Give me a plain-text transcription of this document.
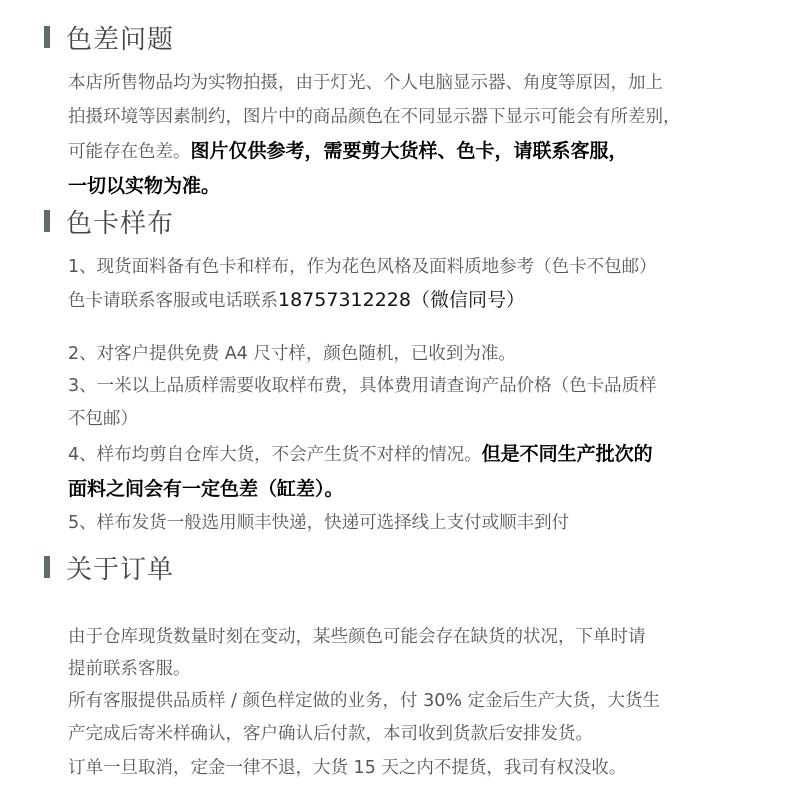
色差问题
本店所售物品均为实物拍摄，由于灯光、个人电脑显示器、角度等原因，加上
拍摄环境等因素制约，图片中的商品颜色在不同显示器下显示可能会有所差别，
可能存在色差。图片仅供参考，需要剪大货样、色卡，请联系客服，
一切以实物为准。
色卡样布
1、现货面料备有色卡和样布，作为花色风格及面料质地参考（色卡不包邮）
色卡请联系客服或电话联系18757312228（微信同号）
2、对客户提供免费 A4 尺寸样，颜色随机，已收到为准。
3、一米以上品质样需要收取样布费，具体费用请查询产品价格（色卡品质样
不包邮）
4、样布均剪自仓库大货，不会产生货不对样的情况。但是不同生产批次的
面料之间会有一定色差（缸差）。
5、样布发货一般选用顺丰快递，快递可选择线上支付或顺丰到付
关于订单
由于仓库现货数量时刻在变动，某些颜色可能会存在缺货的状况，下单时请
提前联系客服。
所有客服提供品质样 / 颜色样定做的业务，付 30% 定金后生产大货，大货生
产完成后寄米样确认，客户确认后付款，本司收到货款后安排发货。
订单一旦取消，定金一律不退，大货 15 天之内不提货，我司有权没收。
